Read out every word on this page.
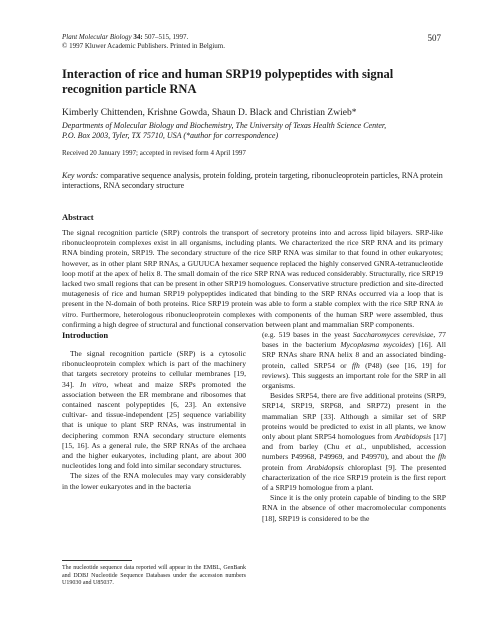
Plant Molecular Biology 34: 507–515, 1997.
© 1997 Kluwer Academic Publishers. Printed in Belgium.
507
Interaction of rice and human SRP19 polypeptides with signal recognition particle RNA
Kimberly Chittenden, Krishne Gowda, Shaun D. Black and Christian Zwieb*
Departments of Molecular Biology and Biochemistry, The University of Texas Health Science Center,
P.O. Box 2003, Tyler, TX 75710, USA (*author for correspondence)
Received 20 January 1997; accepted in revised form 4 April 1997
Key words: comparative sequence analysis, protein folding, protein targeting, ribonucleoprotein particles, RNA protein interactions, RNA secondary structure
Abstract
The signal recognition particle (SRP) controls the transport of secretory proteins into and across lipid bilayers. SRP-like ribonucleoprotein complexes exist in all organisms, including plants. We characterized the rice SRP RNA and its primary RNA binding protein, SRP19. The secondary structure of the rice SRP RNA was similar to that found in other eukaryotes; however, as in other plant SRP RNAs, a GUUUCA hexamer sequence replaced the highly conserved GNRA-tetranucleotide loop motif at the apex of helix 8. The small domain of the rice SRP RNA was reduced considerably. Structurally, rice SRP19 lacked two small regions that can be present in other SRP19 homologues. Conservative structure prediction and site-directed mutagenesis of rice and human SRP19 polypeptides indicated that binding to the SRP RNAs occurred via a loop that is present in the N-domain of both proteins. Rice SRP19 protein was able to form a stable complex with the rice SRP RNA in vitro. Furthermore, heterologous ribonucleoprotein complexes with components of the human SRP were assembled, thus confirming a high degree of structural and functional conservation between plant and mammalian SRP components.
Introduction

The signal recognition particle (SRP) is a cytosolic ribonucleoprotein complex which is part of the machinery that targets secretory proteins to cellular membranes [19, 34]. In vitro, wheat and maize SRPs promoted the association between the ER membrane and ribosomes that contained nascent polypeptides [6, 23]. An extensive cultivar- and tissue-independent [25] sequence variability that is unique to plant SRP RNAs, was instrumental in deciphering common RNA secondary structure elements [15, 16]. As a general rule, the SRP RNAs of the archaea and the higher eukaryotes, including plant, are about 300 nucleotides long and fold into similar secondary structures.

The sizes of the RNA molecules may vary considerably in the lower eukaryotes and in the bacteria

(e.g. 519 bases in the yeast Saccharomyces cerevisiae, 77 bases in the bacterium Mycoplasma mycoides) [16]. All SRP RNAs share RNA helix 8 and an associated binding-protein, called SRP54 or ffh (P48) (see [16, 19] for reviews). This suggests an important role for the SRP in all organisms.

Besides SRP54, there are five additional proteins (SRP9, SRP14, SRP19, SRP68, and SRP72) present in the mammalian SRP [33]. Although a similar set of SRP proteins would be predicted to exist in all plants, we know only about plant SRP54 homologues from Arabidopsis [17] and from barley (Chu et al., unpublished, accession numbers P49968, P49969, and P49970), and about the ffh protein from Arabidopsis chloroplast [9]. The presented characterization of the rice SRP19 protein is the first report of a SRP19 homologue from a plant.

Since it is the only protein capable of binding to the SRP RNA in the absence of other macromolecular components [18], SRP19 is considered to be the

The nucleotide sequence data reported will appear in the EMBL, GenBank and DDBJ Nucleotide Sequence Databases under the accession numbers U19030 and U85037.
